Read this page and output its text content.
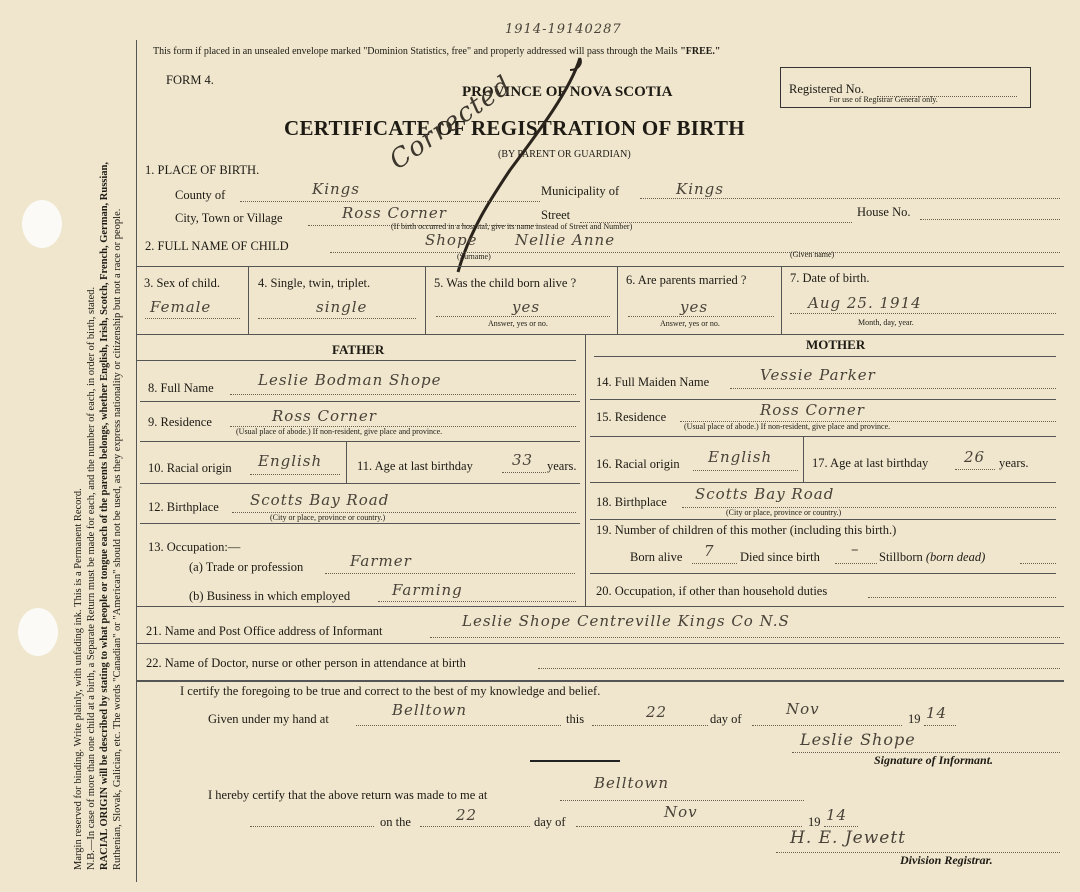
Margin reserved for binding. Write plainly, with unfading ink. This is a Permanent Record. N.B.—In case of more than one child at a birth, a Separate Return must be made for each, and the number of each, in order of birth, stated. RACIAL ORIGIN will be described by stating to what people or tongue each of the parents belongs, whether English, Irish, Scotch, French, German, Russian, Ruthenian, Slovak, Galician, etc. The words "Canadian" or "American" should not be used, as they express nationality or citizenship but not a race or people.
1914-19140287
This form if placed in an unsealed envelope marked "Dominion Statistics, free" and properly addressed will pass through the Mails "FREE."
FORM 4.
PROVINCE OF NOVA SCOTIA
CERTIFICATE OF REGISTRATION OF BIRTH
(BY PARENT OR GUARDIAN)
Registered No.
For use of Registrar General only.
Corrected
1. PLACE OF BIRTH.
County of	Kings	Municipality of	Kings
City, Town or Village	Ross Corner	Street	House No.
(If birth occurred in a hospital, give its name instead of Street and Number)
2. FULL NAME OF CHILD	Shope	Nellie Anne
(Surname)	(Given name)
3. Sex of child.
Female
4. Single, twin, triplet.
single
5. Was the child born alive ?
yes
Answer, yes or no.
6. Are parents married ?
yes
Answer, yes or no.
7. Date of birth.
Aug 25. 1914
Month, day, year.
FATHER	MOTHER
8. Full Name	Leslie Bodman Shope
9. Residence	Ross Corner
(Usual place of abode.) If non-resident, give place and province.
10. Racial origin English	11. Age at last birthday	33 years.
12. Birthplace Scotts Bay Road
(City or place, province or country.)
13. Occupation:—
(a) Trade or profession	Farmer
(b) Business in which employed	Farming
14. Full Maiden Name	Vessie Parker
15. Residence	Ross Corner
(Usual place of abode.) If non-resident, give place and province.
16. Racial origin English	17. Age at last birthday 26 years.
18. Birthplace Scotts Bay Road
(City or place, province or country.)
19. Number of children of this mother (including this birth.)
Born alive 7 Died since birth – Stillborn (born dead)
20. Occupation, if other than household duties
21. Name and Post Office address of Informant
Leslie Shope Centreville Kings Co N.S
22. Name of Doctor, nurse or other person in attendance at birth
I certify the foregoing to be true and correct to the best of my knowledge and belief.
Given under my hand at	Belltown	this	22	day of
Nov
19 14
Leslie Shope
Signature of Informant.
I hereby certify that the above return was made to me at
Belltown
on the	22	day of
Nov
19 14
H. E. Jewett
Division Registrar.
